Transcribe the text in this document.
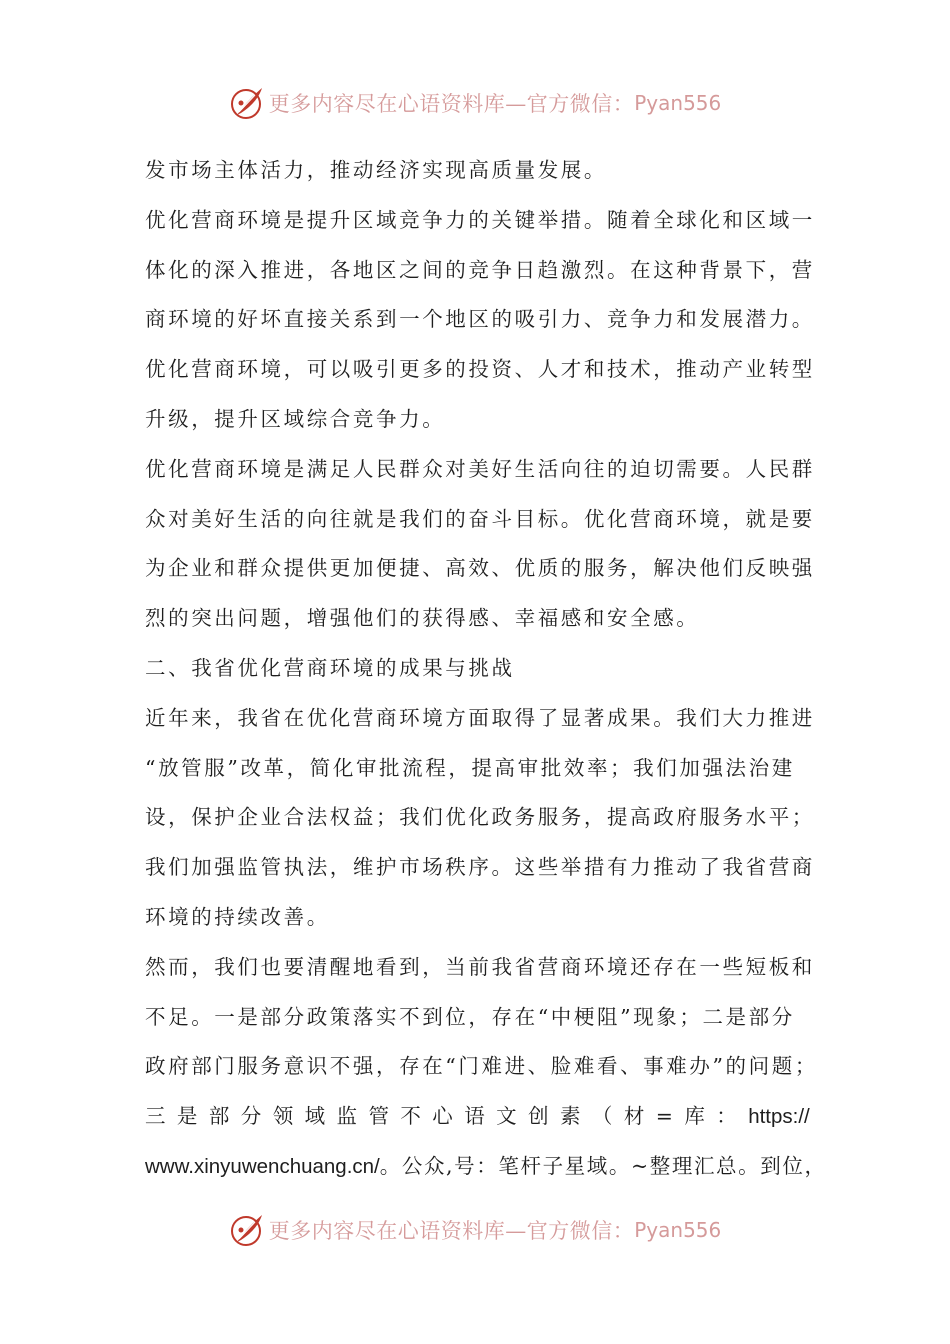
更多内容尽在心语资料库—官方微信： Pyan556
发市场主体活力，推动经济实现高质量发展。
优化营商环境是提升区域竞争力的关键举措。随着全球化和区域一
体化的深入推进，各地区之间的竞争日趋激烈。在这种背景下，营
商环境的好坏直接关系到一个地区的吸引力、竞争力和发展潜力。
优化营商环境，可以吸引更多的投资、人才和技术，推动产业转型
升级，提升区域综合竞争力。
优化营商环境是满足人民群众对美好生活向往的迫切需要。人民群
众对美好生活的向往就是我们的奋斗目标。优化营商环境，就是要
为企业和群众提供更加便捷、高效、优质的服务，解决他们反映强
烈的突出问题，增强他们的获得感、幸福感和安全感。
二、我省优化营商环境的成果与挑战
近年来，我省在优化营商环境方面取得了显著成果。我们大力推进
“放管服”改革，简化审批流程，提高审批效率；我们加强法治建
设，保护企业合法权益；我们优化政务服务，提高政府服务水平；
我们加强监管执法，维护市场秩序。这些举措有力推动了我省营商
环境的持续改善。
然而，我们也要清醒地看到，当前我省营商环境还存在一些短板和
不足。一是部分政策落实不到位，存在“中梗阻”现象；二是部分
政府部门服务意识不强，存在“门难进、脸难看、事难办”的问题；
三 是 部 分 领 域 监 管 不 心 语 文 创 素 （ 材 = 库 ： https://
www.xinyuwenchuang.cn/。公众,号：笔杆子星域。~整理汇总。到位，
更多内容尽在心语资料库—官方微信： Pyan556
